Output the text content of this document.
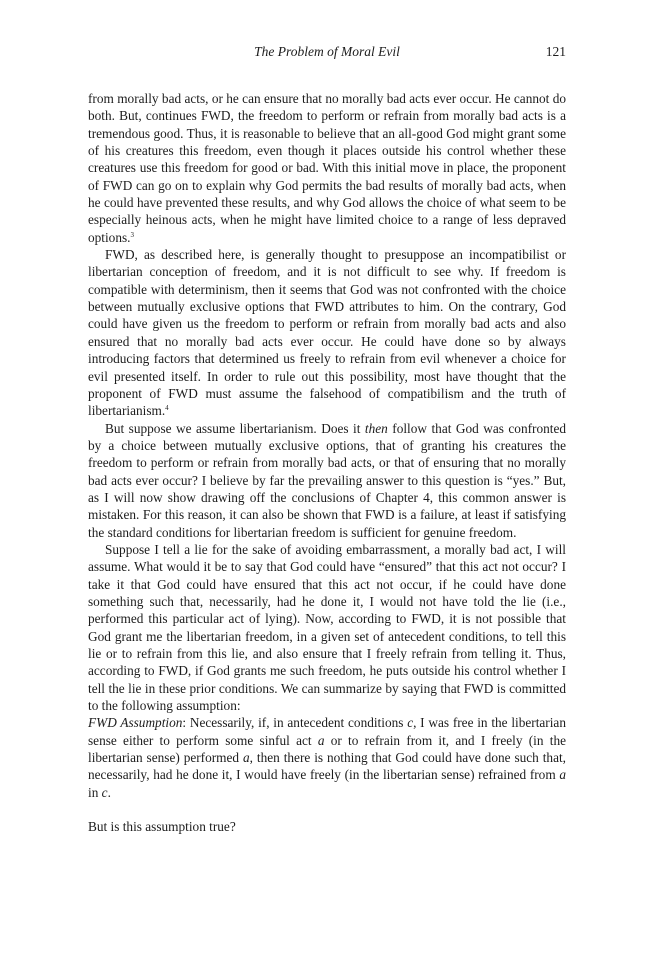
The Problem of Moral Evil	121

from morally bad acts, or he can ensure that no morally bad acts ever occur. He cannot do both. But, continues FWD, the freedom to perform or refrain from morally bad acts is a tremendous good. Thus, it is reasonable to believe that an all-good God might grant some of his creatures this freedom, even though it places outside his control whether these creatures use this freedom for good or bad. With this initial move in place, the proponent of FWD can go on to explain why God permits the bad results of morally bad acts, when he could have prevented these results, and why God allows the choice of what seem to be especially heinous acts, when he might have limited choice to a range of less depraved options.$^3$

FWD, as described here, is generally thought to presuppose an incompatibilist or libertarian conception of freedom, and it is not difficult to see why. If freedom is compatible with determinism, then it seems that God was not confronted with the choice between mutually exclusive options that FWD attributes to him. On the contrary, God could have given us the freedom to perform or refrain from morally bad acts and also ensured that no morally bad acts ever occur. He could have done so by always introducing factors that determined us freely to refrain from evil whenever a choice for evil presented itself. In order to rule out this possibility, most have thought that the proponent of FWD must assume the falsehood of compatibilism and the truth of libertarianism.$^4$

But suppose we assume libertarianism. Does it then follow that God was confronted by a choice between mutually exclusive options, that of granting his creatures the freedom to perform or refrain from morally bad acts, or that of ensuring that no morally bad acts ever occur? I believe by far the prevailing answer to this question is “yes.” But, as I will now show drawing off the conclusions of Chapter 4, this common answer is mistaken. For this reason, it can also be shown that FWD is a failure, at least if satisfying the standard conditions for libertarian freedom is sufficient for genuine freedom.

Suppose I tell a lie for the sake of avoiding embarrassment, a morally bad act, I will assume. What would it be to say that God could have “ensured” that this act not occur? I take it that God could have ensured that this act not occur, if he could have done something such that, necessarily, had he done it, I would not have told the lie (i.e., performed this particular act of lying). Now, according to FWD, it is not possible that God grant me the libertarian freedom, in a given set of antecedent conditions, to tell this lie or to refrain from this lie, and also ensure that I freely refrain from telling it. Thus, according to FWD, if God grants me such freedom, he puts outside his control whether I tell the lie in these prior conditions. We can summarize by saying that FWD is committed to the following assumption:

FWD Assumption: Necessarily, if, in antecedent conditions c, I was free in the libertarian sense either to perform some sinful act a or to refrain from it, and I freely (in the libertarian sense) performed a, then there is nothing that God could have done such that, necessarily, had he done it, I would have freely (in the libertarian sense) refrained from a in c.

But is this assumption true?
